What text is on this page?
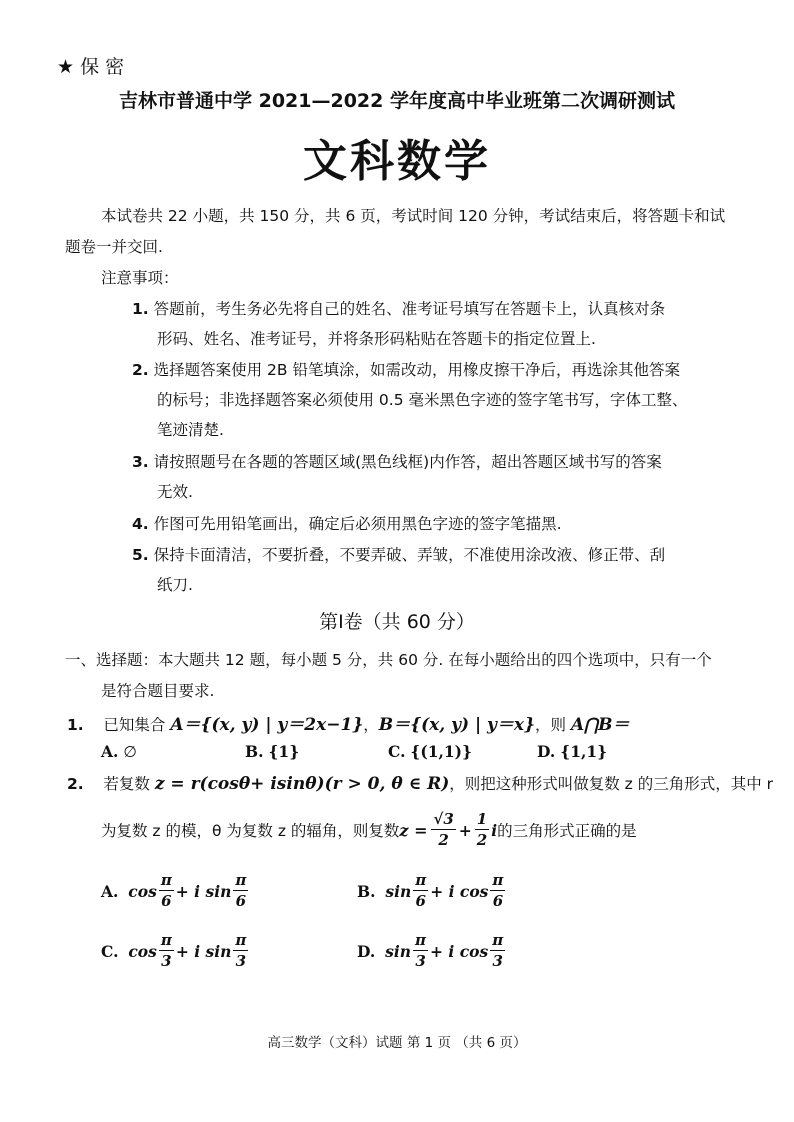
★ 保 密
吉林市普通中学 2021—2022 学年度高中毕业班第二次调研测试
文科数学
本试卷共 22 小题，共 150 分，共 6 页，考试时间 120 分钟，考试结束后，将答题卡和试
题卷一并交回.
注意事项：
1. 答题前，考生务必先将自己的姓名、准考证号填写在答题卡上，认真核对条
形码、姓名、准考证号，并将条形码粘贴在答题卡的指定位置上.
2. 选择题答案使用 2B 铅笔填涂，如需改动，用橡皮擦干净后，再选涂其他答案
的标号；非选择题答案必须使用 0.5 毫米黑色字迹的签字笔书写，字体工整、
笔迹清楚.
3. 请按照题号在各题的答题区域(黑色线框)内作答，超出答题区域书写的答案
无效.
4. 作图可先用铅笔画出，确定后必须用黑色字迹的签字笔描黑.
5. 保持卡面清洁，不要折叠，不要弄破、弄皱，不准使用涂改液、修正带、刮
纸刀.
第Ⅰ卷（共 60 分）
一、选择题：本大题共 12 题，每小题 5 分，共 60 分. 在每小题给出的四个选项中，只有一个
是符合题目要求.
1. 已知集合 A＝{(x, y) | y＝2x−1}，B＝{(x, y) | y＝x}，则 A⋂B＝
A. ∅	B. {1}	C. {(1,1)}	D. {1,1}
2. 若复数 z = r(cosθ+ isinθ)(r > 0, θ ∈ R)，则把这种形式叫做复数 z 的三角形式，其中 r
为复数 z 的模，θ 为复数 z 的辐角，则复数 $z = \frac{√3}{2} + \frac{1}{2}$ i 的三角形式正确的是
A.
$\cos \frac{\pi}{6} + i$ $\sin \frac{\pi}{6}$	B.
$\sin \frac{\pi}{6} + i$ $\cos \frac{\pi}{6}$
C.
$\cos \frac{\pi}{3} + i$ $\sin \frac{\pi}{3}$	D.
$\sin \frac{\pi}{3} + i$ $\cos \frac{\pi}{3}$
高三数学（文科）试题 第 1 页 （共 6 页）
